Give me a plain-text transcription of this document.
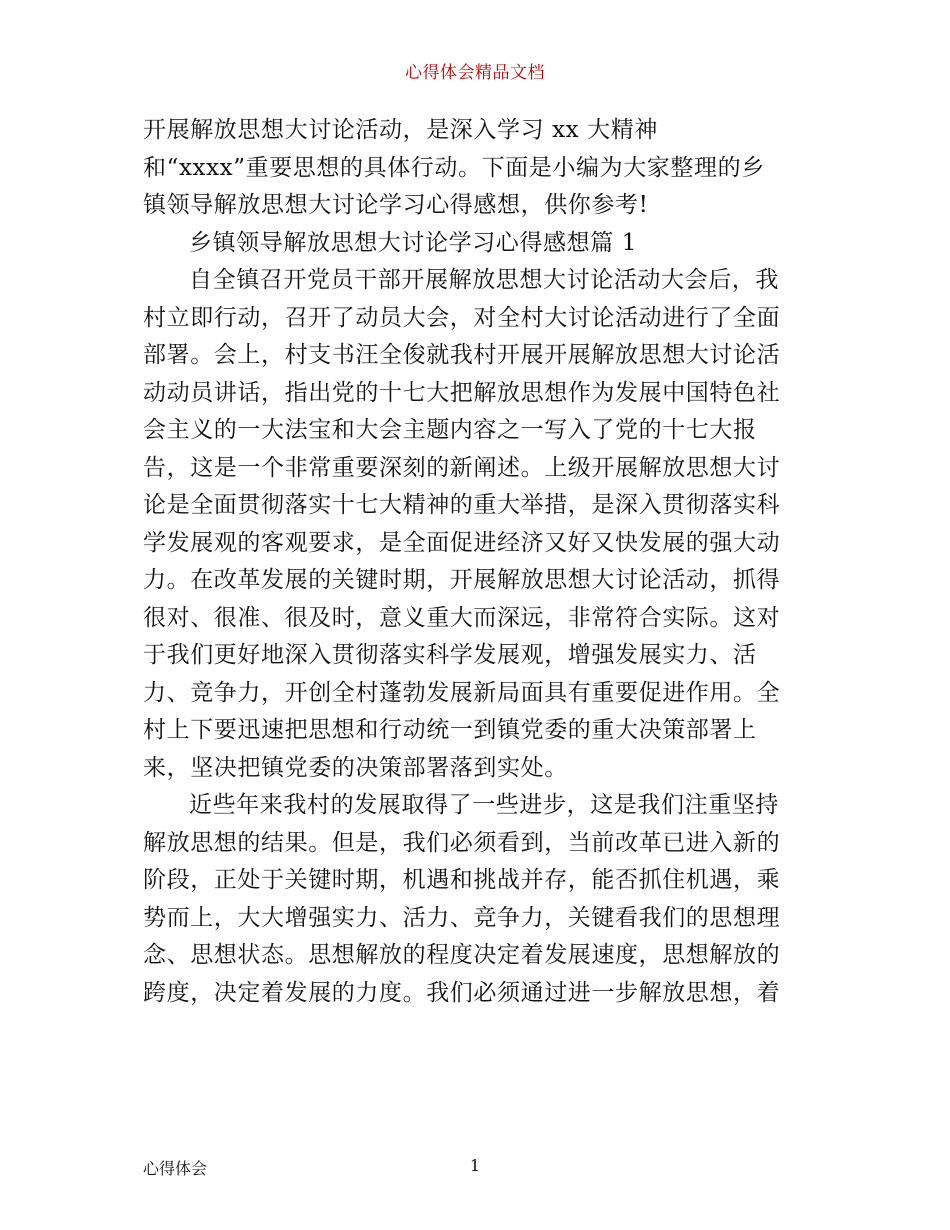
心得体会精品文档
开展解放思想大讨论活动，是深入学习 xx 大精神
和“xxxx”重要思想的具体行动。下面是小编为大家整理的乡
镇领导解放思想大讨论学习心得感想，供你参考!
乡镇领导解放思想大讨论学习心得感想篇 1
自全镇召开党员干部开展解放思想大讨论活动大会后，我
村立即行动，召开了动员大会，对全村大讨论活动进行了全面
部署。会上，村支书汪全俊就我村开展开展解放思想大讨论活
动动员讲话，指出党的十七大把解放思想作为发展中国特色社
会主义的一大法宝和大会主题内容之一写入了党的十七大报
告，这是一个非常重要深刻的新阐述。上级开展解放思想大讨
论是全面贯彻落实十七大精神的重大举措，是深入贯彻落实科
学发展观的客观要求，是全面促进经济又好又快发展的强大动
力。在改革发展的关键时期，开展解放思想大讨论活动，抓得
很对、很准、很及时，意义重大而深远，非常符合实际。这对
于我们更好地深入贯彻落实科学发展观，增强发展实力、活
力、竞争力，开创全村蓬勃发展新局面具有重要促进作用。全
村上下要迅速把思想和行动统一到镇党委的重大决策部署上
来，坚决把镇党委的决策部署落到实处。
近些年来我村的发展取得了一些进步，这是我们注重坚持
解放思想的结果。但是，我们必须看到，当前改革已进入新的
阶段，正处于关键时期，机遇和挑战并存，能否抓住机遇，乘
势而上，大大增强实力、活力、竞争力，关键看我们的思想理
念、思想状态。思想解放的程度决定着发展速度，思想解放的
跨度，决定着发展的力度。我们必须通过进一步解放思想，着
心得体会	1
